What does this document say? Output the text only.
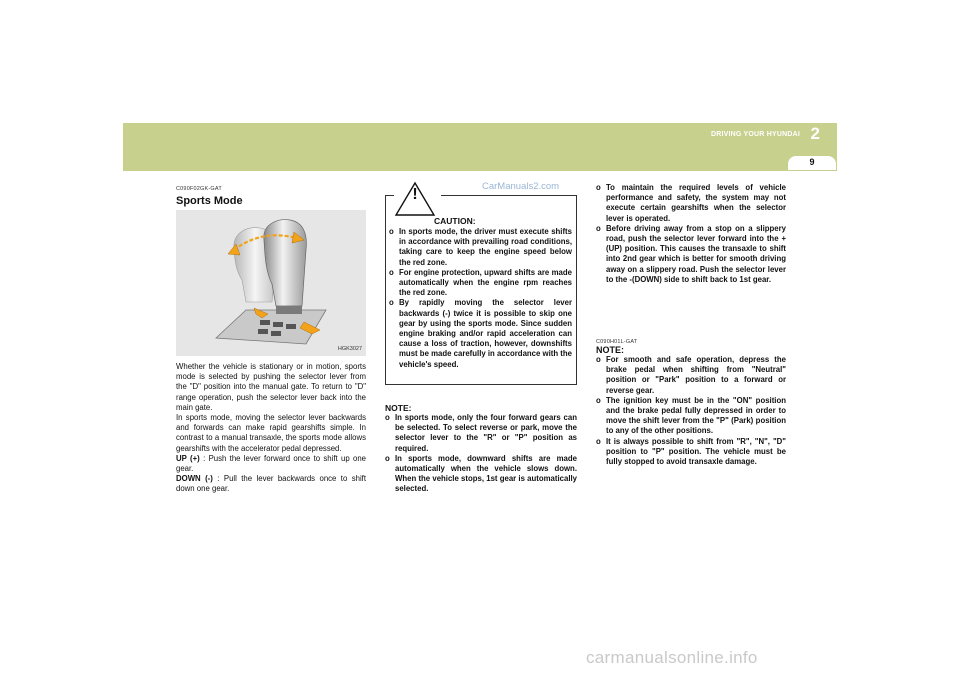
DRIVING YOUR HYUNDAI 2
9
C090F02GK-GAT
Sports Mode
HGK3027

Whether the vehicle is stationary or in motion, sports mode is selected by pushing the selector lever from the "D" position into the manual gate. To return to "D" range operation, push the selector lever back into the main gate.

In sports mode, moving the selector lever backwards and forwards can make rapid gearshifts simple. In contrast to a manual transaxle, the sports mode allows gearshifts with the accelerator pedal depressed.

UP (+) : Push the lever forward once to shift up one gear.

DOWN (-) : Pull the lever backwards once to shift down one gear.

CarManuals2.com
!
CAUTION:
o In sports mode, the driver must execute shifts in accordance with prevailing road conditions, taking care to keep the engine speed below the red zone.
o For engine protection, upward shifts are made automatically when the engine rpm reaches the red zone.
o By rapidly moving the selector lever backwards (-) twice it is possible to skip one gear by using the sports mode. Since sudden engine braking and/or rapid acceleration can cause a loss of traction, however, downshifts must be made carefully in accordance with the vehicle's speed.
NOTE:
o In sports mode, only the four forward gears can be selected. To select reverse or park, move the selector lever to the "R" or "P" position as required.
o In sports mode, downward shifts are made automatically when the vehicle slows down. When the vehicle stops, 1st gear is automatically selected.
o To maintain the required levels of vehicle performance and safety, the system may not execute certain gearshifts when the selector lever is operated.
o Before driving away from a stop on a slippery road, push the selector lever forward into the +(UP) position. This causes the transaxle to shift into 2nd gear which is better for smooth driving away on a slippery road. Push the selector lever to the -(DOWN) side to shift back to 1st gear.
C090H01L-GAT
NOTE:
o For smooth and safe operation, depress the brake pedal when shifting from "Neutral" position or "Park" position to a forward or reverse gear.
o The ignition key must be in the "ON" position and the brake pedal fully depressed in order to move the shift lever from the "P" (Park) position to any of the other positions.
o It is always possible to shift from "R", "N", "D" position to "P" position. The vehicle must be fully stopped to avoid transaxle damage.
carmanualsonline.info
